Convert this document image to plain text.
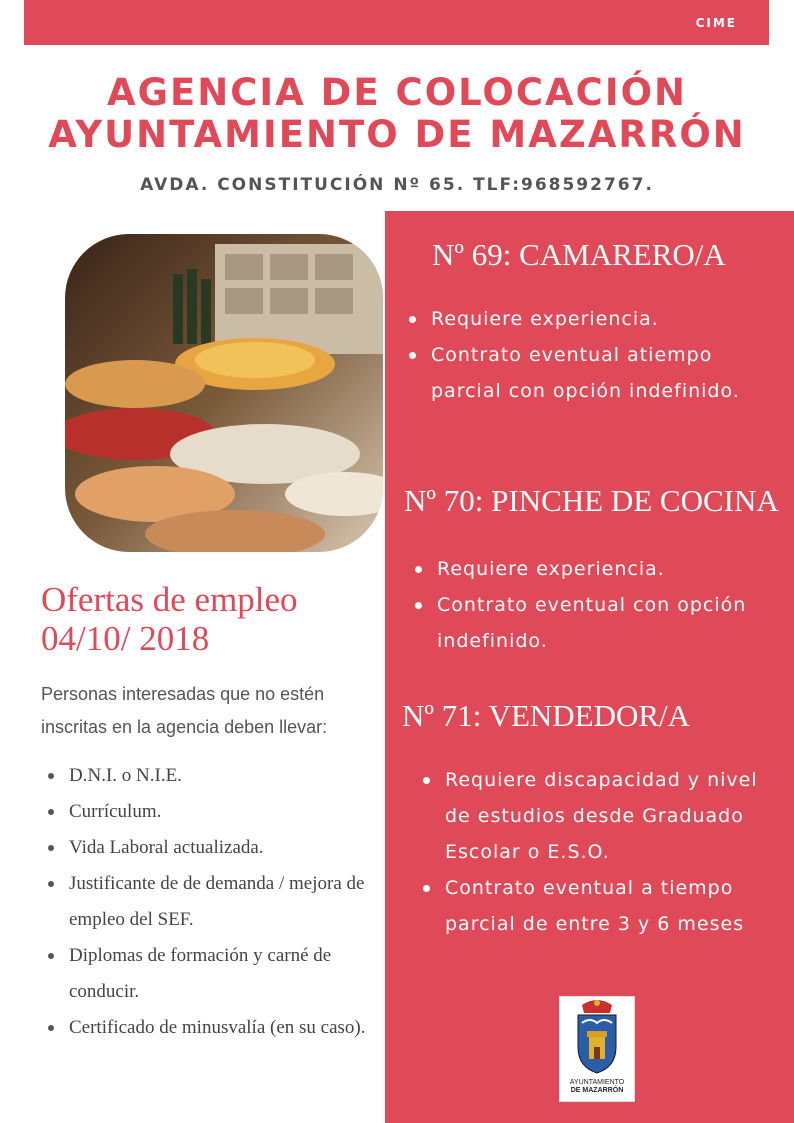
CIME
AGENCIA DE COLOCACIÓN
AYUNTAMIENTO DE MAZARRÓN
AVDA. CONSTITUCIÓN Nº 65. TLF:968592767.
Ofertas de empleo
04/10/ 2018
Personas interesadas que no estén inscritas en la agencia deben llevar:
D.N.I. o N.I.E.
Currículum.
Vida Laboral actualizada.
Justificante de de demanda / mejora de empleo del SEF.
Diplomas de formación y carné de conducir.
Certificado de minusvalía (en su caso).
Nº 69: CAMARERO/A
Requiere experiencia.
Contrato eventual atiempo parcial con opción indefinido.
Nº 70: PINCHE DE COCINA
Requiere experiencia.
Contrato eventual con opción indefinido.
Nº 71: VENDEDOR/A
Requiere discapacidad y nivel de estudios desde Graduado Escolar o E.S.O.
Contrato eventual a tiempo parcial de entre 3 y 6 meses
AYUNTAMIENTO
DE MAZARRÓN
